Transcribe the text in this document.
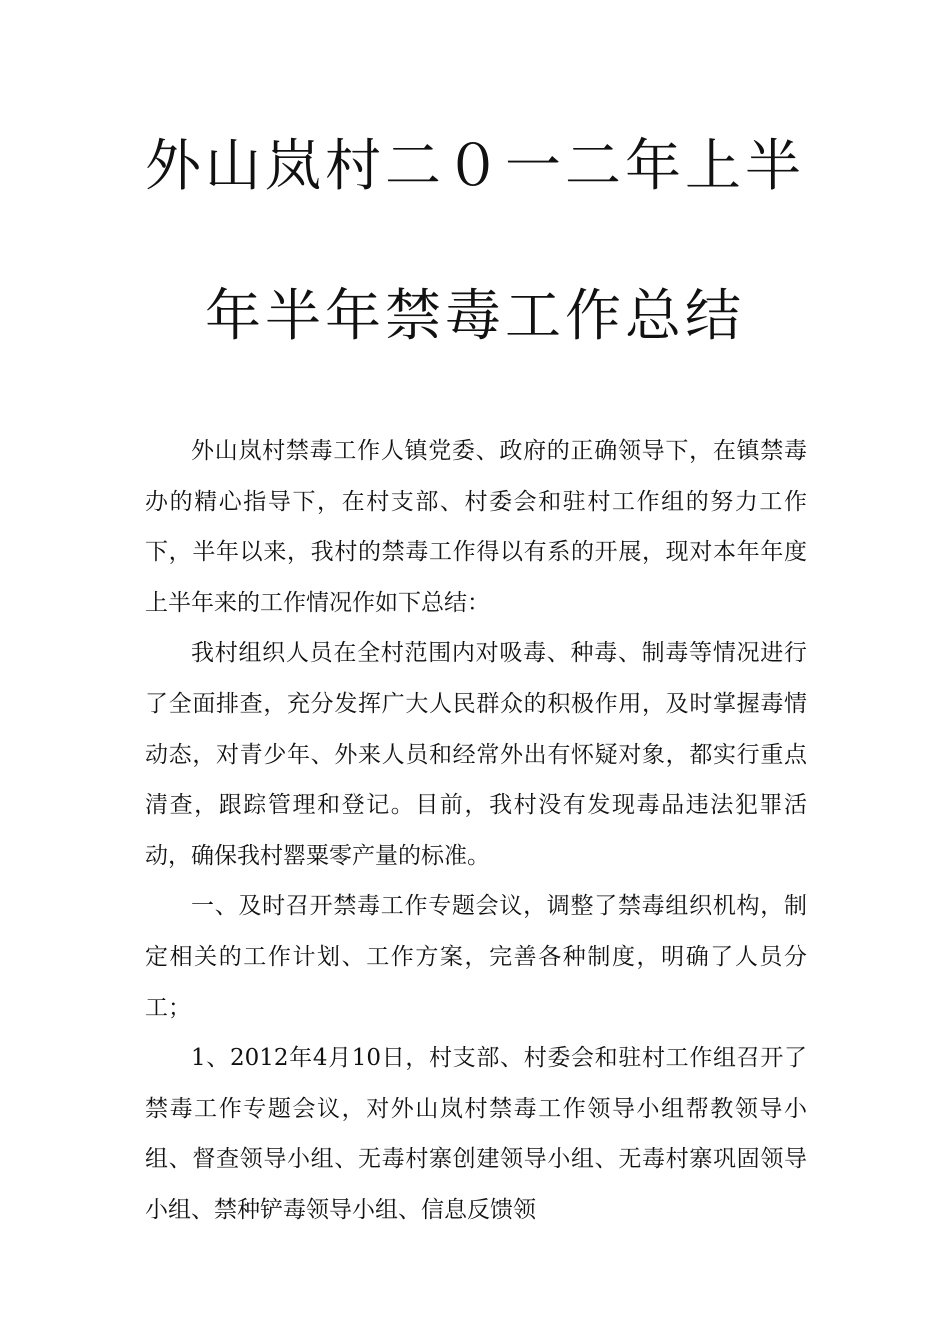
外山岚村二０一二年上半
年半年禁毒工作总结

外山岚村禁毒工作人镇党委、政府的正确领导下，在镇禁毒办的精心指导下，在村支部、村委会和驻村工作组的努力工作下，半年以来，我村的禁毒工作得以有系的开展，现对本年年度上半年来的工作情况作如下总结：

我村组织人员在全村范围内对吸毒、种毒、制毒等情况进行了全面排查，充分发挥广大人民群众的积极作用，及时掌握毒情动态，对青少年、外来人员和经常外出有怀疑对象，都实行重点清查，跟踪管理和登记。目前，我村没有发现毒品违法犯罪活动，确保我村罂粟零产量的标准。

一、及时召开禁毒工作专题会议，调整了禁毒组织机构，制定相关的工作计划、工作方案，完善各种制度，明确了人员分工；

1、2012年4月10日，村支部、村委会和驻村工作组召开了禁毒工作专题会议，对外山岚村禁毒工作领导小组帮教领导小组、督查领导小组、无毒村寨创建领导小组、无毒村寨巩固领导小组、禁种铲毒领导小组、信息反馈领
